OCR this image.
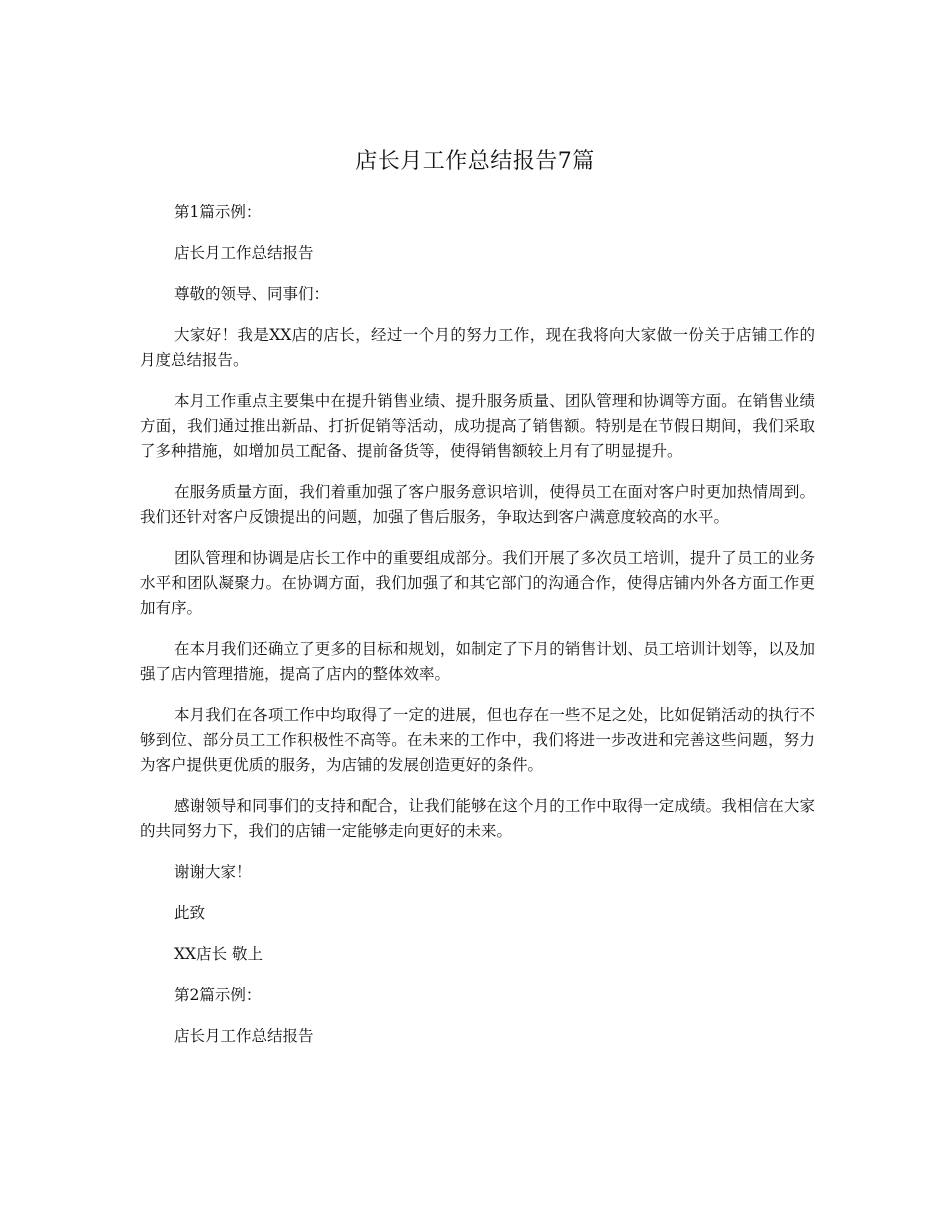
店长月工作总结报告7篇

第1篇示例：

店长月工作总结报告

尊敬的领导、同事们：

大家好！我是XX店的店长，经过一个月的努力工作，现在我将向大家做一份关于店铺工作的月度总结报告。

本月工作重点主要集中在提升销售业绩、提升服务质量、团队管理和协调等方面。在销售业绩方面，我们通过推出新品、打折促销等活动，成功提高了销售额。特别是在节假日期间，我们采取了多种措施，如增加员工配备、提前备货等，使得销售额较上月有了明显提升。

在服务质量方面，我们着重加强了客户服务意识培训，使得员工在面对客户时更加热情周到。我们还针对客户反馈提出的问题，加强了售后服务，争取达到客户满意度较高的水平。

团队管理和协调是店长工作中的重要组成部分。我们开展了多次员工培训，提升了员工的业务水平和团队凝聚力。在协调方面，我们加强了和其它部门的沟通合作，使得店铺内外各方面工作更加有序。

在本月我们还确立了更多的目标和规划，如制定了下月的销售计划、员工培训计划等，以及加强了店内管理措施，提高了店内的整体效率。

本月我们在各项工作中均取得了一定的进展，但也存在一些不足之处，比如促销活动的执行不够到位、部分员工工作积极性不高等。在未来的工作中，我们将进一步改进和完善这些问题，努力为客户提供更优质的服务，为店铺的发展创造更好的条件。

感谢领导和同事们的支持和配合，让我们能够在这个月的工作中取得一定成绩。我相信在大家的共同努力下，我们的店铺一定能够走向更好的未来。

谢谢大家！

此致

XX店长 敬上

第2篇示例：

店长月工作总结报告
